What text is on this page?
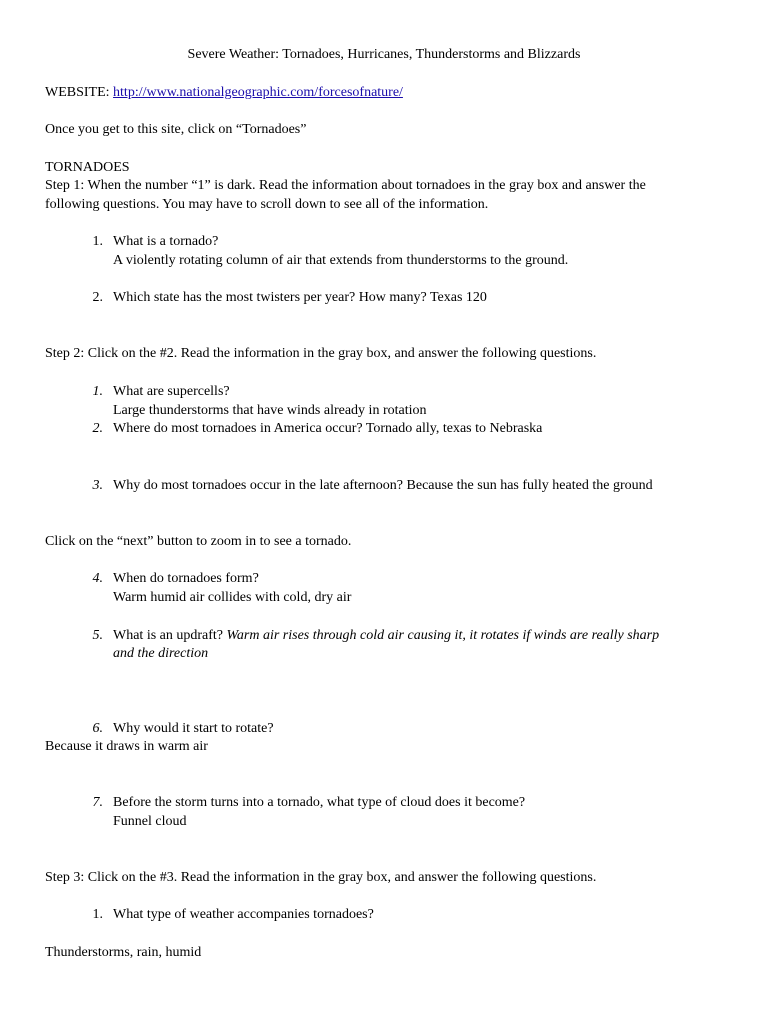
Severe Weather: Tornadoes, Hurricanes, Thunderstorms and Blizzards
WEBSITE: http://www.nationalgeographic.com/forcesofnature/
Once you get to this site, click on “Tornadoes”
TORNADOES
Step 1: When the number “1” is dark. Read the information about tornadoes in the gray box and answer the
following questions. You may have to scroll down to see all of the information.
1. What is a tornado?
A violently rotating column of air that extends from thunderstorms to the ground.
2. Which state has the most twisters per year? How many? Texas 120
Step 2: Click on the #2. Read the information in the gray box, and answer the following questions.
1. What are supercells?
Large thunderstorms that have winds already in rotation
2. Where do most tornadoes in America occur? Tornado ally, texas to Nebraska
3. Why do most tornadoes occur in the late afternoon? Because the sun has fully heated the ground
Click on the “next” button to zoom in to see a tornado.
4. When do tornadoes form?
Warm humid air collides with cold, dry air
5. What is an updraft? Warm air rises through cold air causing it, it rotates if winds are really sharp
and the direction
6. Why would it start to rotate?
Because it draws in warm air
7. Before the storm turns into a tornado, what type of cloud does it become?
Funnel cloud
Step 3: Click on the #3. Read the information in the gray box, and answer the following questions.
1. What type of weather accompanies tornadoes?
Thunderstorms, rain, humid
